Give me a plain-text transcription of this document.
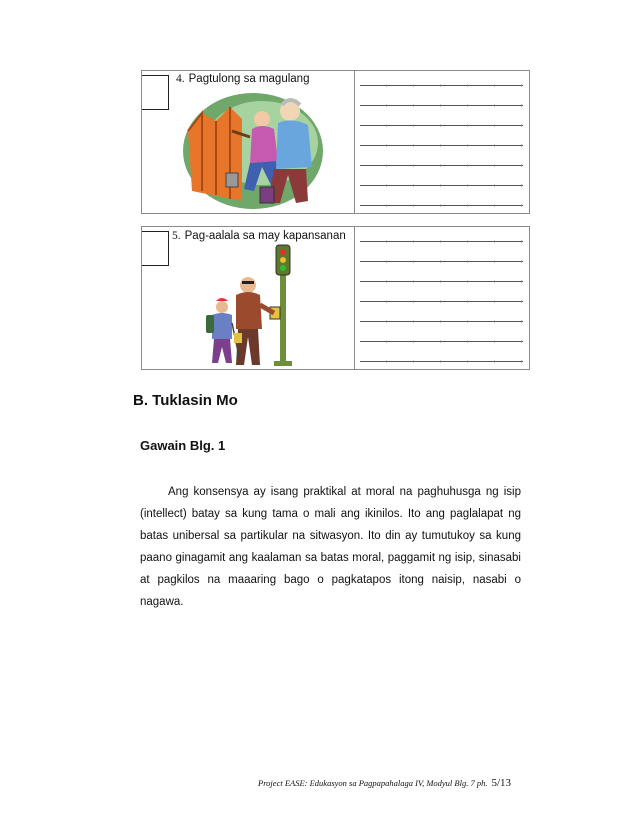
4. Pagtulong sa magulang
5. Pag-aalala sa may kapansanan
B. Tuklasin Mo
Gawain Blg. 1
Ang konsensya ay isang praktikal at moral na paghuhusga ng isip (intellect) batay sa kung tama o mali ang ikinilos. Ito ang paglalapat ng batas unibersal sa partikular na sitwasyon. Ito din ay tumutukoy sa kung paano ginagamit ang kaalaman sa batas moral, paggamit ng isip, sinasabi at pagkilos na maaaring bago o pagkatapos itong naisip, nasabi o nagawa.
Project EASE: Edukasyon sa Pagpapahalaga IV, Modyul Blg. 7 ph. 5/13
